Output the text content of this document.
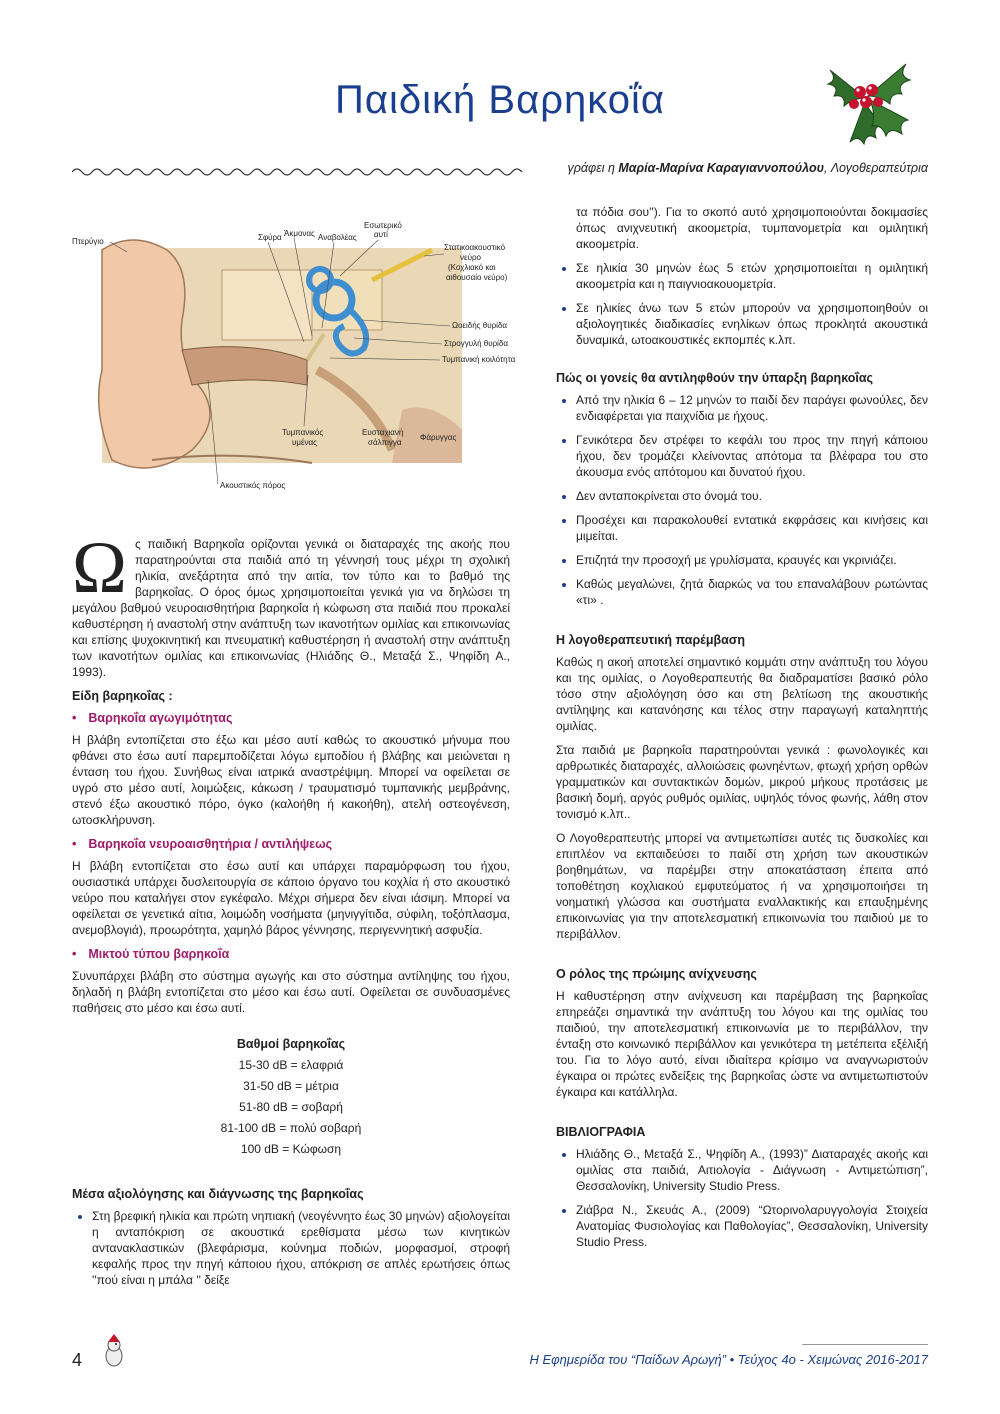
Παιδική Βαρηκοΐα
γράφει η Μαρία-Μαρίνα Καραγιαννοπούλου, Λογοθεραπεύτρια
Πτερύγιο	Σφύρα Άκμονας Αναβολέας
Εσωτερικό
αυτί
Στατικοακουστικό
νεύρο
(Κοχλιακό και
αιθουσαίο νεύρο)
Ωοειδής θυρίδα
Στρογγυλή θυρίδα
Τυμπανική κοιλότητα
Τυμπανικός
υμένας
Ευσταχιανή
σάλπιγγα
Φάρυγγας
Ακουστικός πόρος

Ως παιδική Βαρηκοΐα ορίζονται γενικά οι διαταραχές της ακοής που παρατηρούνται στα παιδιά από τη γέννησή τους μέχρι τη σχολική ηλικία, ανεξάρτητα από την αιτία, τον τύπο και το βαθμό της βαρηκοΐας. Ο όρος όμως χρησιμοποιείται γενικά για να δηλώσει τη μεγάλου βαθμού νευροαισθητήρια βαρηκοΐα ή κώφωση στα παιδιά που προκαλεί καθυστέρηση ή αναστολή στην ανάπτυξη των ικανοτήτων ομιλίας και επικοινωνίας και επίσης ψυχοκινητική και πνευματική καθυστέρηση ή αναστολή στην ανάπτυξη των ικανοτήτων ομιλίας και επικοινωνίας (Ηλιάδης Θ., Μεταξά Σ., Ψηφίδη Α., 1993).

Είδη βαρηκοΐας :
• Βαρηκοΐα αγωγιμότητας

Η βλάβη εντοπίζεται στο έξω και μέσο αυτί καθώς το ακουστικό μήνυμα που φθάνει στο έσω αυτί παρεμποδίζεται λόγω εμποδίου ή βλάβης και μειώνεται η ένταση του ήχου. Συνήθως είναι ιατρικά αναστρέψιμη. Μπορεί να οφείλεται σε υγρό στο μέσο αυτί, λοιμώξεις, κάκωση / τραυματισμό τυμπανικής μεμβράνης, στενό έξω ακουστικό πόρο, όγκο (καλοήθη ή κακοήθη), ατελή οστεογένεση, ωτοσκλήρυνση.

• Βαρηκοΐα νευροαισθητήρια / αντιλήψεως

Η βλάβη εντοπίζεται στο έσω αυτί και υπάρχει παραμόρφωση του ήχου, ουσιαστικά υπάρχει δυσλειτουργία σε κάποιο όργανο του κοχλία ή στο ακουστικό νεύρο που καταλήγει στον εγκέφαλο. Μέχρι σήμερα δεν είναι ιάσιμη. Μπορεί να οφείλεται σε γενετικά αίτια, λοιμώδη νοσήματα (μηνιγγίτιδα, σύφιλη, τοξόπλασμα, ανεμοβλογιά), προωρότητα, χαμηλό βάρος γέννησης, περιγεννητική ασφυξία.

• Μικτού τύπου βαρηκοΐα

Συνυπάρχει βλάβη στο σύστημα αγωγής και στο σύστημα αντίληψης του ήχου, δηλαδή η βλάβη εντοπίζεται στο μέσο και έσω αυτί. Οφείλεται σε συνδυασμένες παθήσεις στο μέσο και έσω αυτί.

Βαθμοί βαρηκοΐας
15-30 dB = ελαφριά
31-50 dB = μέτρια
51-80 dB = σοβαρή
81-100 dB = πολύ σοβαρή
100 dB = Κώφωση
Μέσα αξιολόγησης και διάγνωσης της βαρηκοΐας
• Στη βρεφική ηλικία και πρώτη νηπιακή (νεογέννητο έως 30 μηνών) αξιολογείται η ανταπόκριση σε ακουστικά ερεθίσματα μέσω των κινητικών αντανακλαστικών (βλεφάρισμα, κούνημα ποδιών, μορφασμοί, στροφή κεφαλής προς την πηγή κάποιου ήχου, απόκριση σε απλές ερωτήσεις όπως ''πού είναι η μπάλα '' δείξε

τα πόδια σου''). Για το σκοπό αυτό χρησιμοποιούνται δοκιμασίες όπως ανιχνευτική ακοομετρία, τυμπανομετρία και ομιλητική ακοομετρία.

• Σε ηλικία 30 μηνών έως 5 ετών χρησιμοποιείται η ομιλητική ακοομετρία και η παιγνιοακουομετρία.
• Σε ηλικίες άνω των 5 ετών μπορούν να χρησιμοποιηθούν οι αξιολογητικές διαδικασίες ενηλίκων όπως προκλητά ακουστικά δυναμικά, ωτοακουστικές εκπομπές κ.λπ.
Πώς οι γονείς θα αντιληφθούν την ύπαρξη βαρηκοΐας
• Από την ηλικία 6 – 12 μηνών το παιδί δεν παράγει φωνούλες, δεν ενδιαφέρεται για παιχνίδια με ήχους.
• Γενικότερα δεν στρέφει το κεφάλι του προς την πηγή κάποιου ήχου, δεν τρομάζει κλείνοντας απότομα τα βλέφαρα του στο άκουσμα ενός απότομου και δυνατού ήχου.
• Δεν ανταποκρίνεται στο όνομά του.
• Προσέχει και παρακολουθεί εντατικά εκφράσεις και κινήσεις και μιμείται.
• Επιζητά την προσοχή με γρυλίσματα, κραυγές και γκρινιάζει.
• Καθώς μεγαλώνει, ζητά διαρκώς να του επαναλάβουν ρωτώντας «τι» .
Η λογοθεραπευτική παρέμβαση

Καθώς η ακοή αποτελεί σημαντικό κομμάτι στην ανάπτυξη του λόγου και της ομιλίας, ο Λογοθεραπευτής θα διαδραματίσει βασικό ρόλο τόσο στην αξιολόγηση όσο και στη βελτίωση της ακουστικής αντίληψης και κατανόησης και τέλος στην παραγωγή καταληπτής ομιλίας.

Στα παιδιά με βαρηκοΐα παρατηρούνται γενικά : φωνολογικές και αρθρωτικές διαταραχές, αλλοιώσεις φωνηέντων, φτωχή χρήση ορθών γραμματικών και συντακτικών δομών, μικρού μήκους προτάσεις με βασική δομή, αργός ρυθμός ομιλίας, υψηλός τόνος φωνής, λάθη στον τονισμό κ.λπ..

Ο Λογοθεραπευτής μπορεί να αντιμετωπίσει αυτές τις δυσκολίες και επιπλέον να εκπαιδεύσει το παιδί στη χρήση των ακουστικών βοηθημάτων, να παρέμβει στην αποκατάσταση έπειτα από τοποθέτηση κοχλιακού εμφυτεύματος ή να χρησιμοποιήσει τη νοηματική γλώσσα και συστήματα εναλλακτικής και επαυξημένης επικοινωνίας για την αποτελεσματική επικοινωνία του παιδιού με το περιβάλλον.

Ο ρόλος της πρώιμης ανίχνευσης

Η καθυστέρηση στην ανίχνευση και παρέμβαση της βαρηκοΐας επηρεάζει σημαντικά την ανάπτυξη του λόγου και της ομιλίας του παιδιού, την αποτελεσματική επικοινωνία με το περιβάλλον, την ένταξη στο κοινωνικό περιβάλλον και γενικότερα τη μετέπειτα εξέλιξή του. Για το λόγο αυτό, είναι ιδιαίτερα κρίσιμο να αναγνωριστούν έγκαιρα οι πρώτες ενδείξεις της βαρηκοΐας ώστε να αντιμετωπιστούν έγκαιρα και κατάλληλα.

ΒΙΒΛΙΟΓΡΑΦΙΑ
• Ηλιάδης Θ., Μεταξά Σ., Ψηφίδη Α., (1993)” Διαταραχές ακοής και ομιλίας στα παιδιά, Αιτιολογία - Διάγνωση - Αντιμετώπιση”, Θεσσαλονίκη, University Studio Press.
• Ζιάβρα Ν., Σκευάς Α., (2009) “Ωτορινολαρυγγολογία Στοιχεία Ανατομίας Φυσιολογίας και Παθολογίας”, Θεσσαλονίκη, University Studio Press.
4	Η Εφημερίδα του “Παίδων Αρωγή” • Τεύχος 4ο - Χειμώνας 2016-2017
